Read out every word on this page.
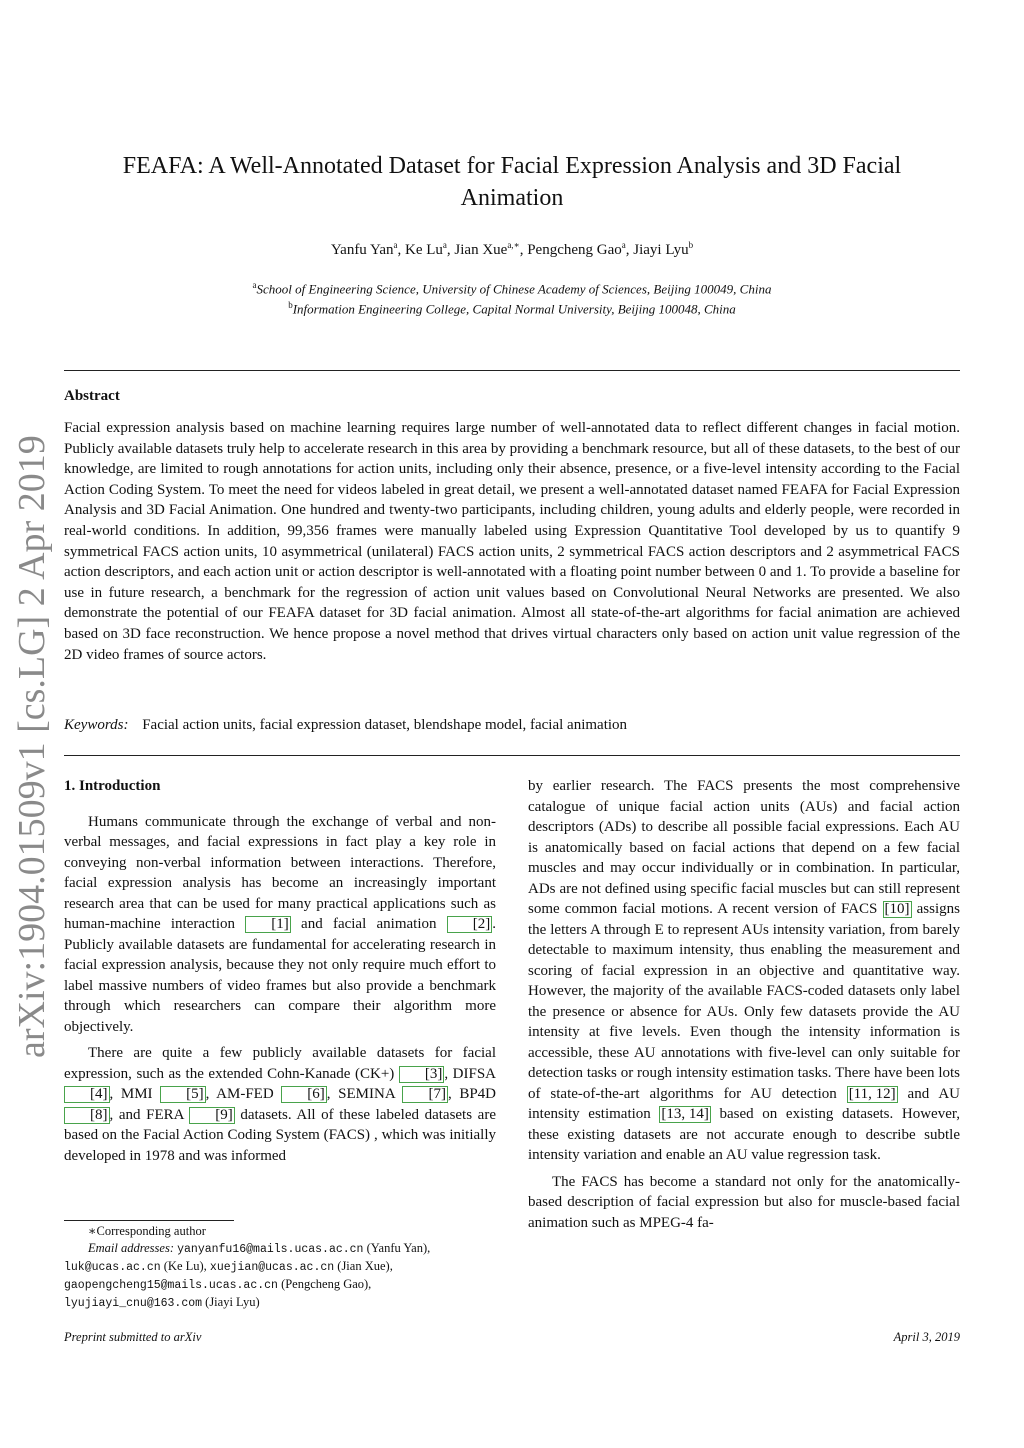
arXiv:1904.01509v1 [cs.LG] 2 Apr 2019
FEAFA: A Well-Annotated Dataset for Facial Expression Analysis and 3D Facial Animation
Yanfu Yan$^a$, Ke Lu$^a$, Jian Xue$^{a,∗}$, Pengcheng Gao$^a$, Jiayi Lyu$^b$
$^a$School of Engineering Science, University of Chinese Academy of Sciences, Beijing 100049, China
$^b$Information Engineering College, Capital Normal University, Beijing 100048, China
Abstract
Facial expression analysis based on machine learning requires large number of well-annotated data to reflect different changes in facial motion. Publicly available datasets truly help to accelerate research in this area by providing a benchmark resource, but all of these datasets, to the best of our knowledge, are limited to rough annotations for action units, including only their absence, presence, or a five-level intensity according to the Facial Action Coding System. To meet the need for videos labeled in great detail, we present a well-annotated dataset named FEAFA for Facial Expression Analysis and 3D Facial Animation. One hundred and twenty-two participants, including children, young adults and elderly people, were recorded in real-world conditions. In addition, 99,356 frames were manually labeled using Expression Quantitative Tool developed by us to quantify 9 symmetrical FACS action units, 10 asymmetrical (unilateral) FACS action units, 2 symmetrical FACS action descriptors and 2 asymmetrical FACS action descriptors, and each action unit or action descriptor is well-annotated with a floating point number between 0 and 1. To provide a baseline for use in future research, a benchmark for the regression of action unit values based on Convolutional Neural Networks are presented. We also demonstrate the potential of our FEAFA dataset for 3D facial animation. Almost all state-of-the-art algorithms for facial animation are achieved based on 3D face reconstruction. We hence propose a novel method that drives virtual characters only based on action unit value regression of the 2D video frames of source actors.
Keywords: Facial action units, facial expression dataset, blendshape model, facial animation
1. Introduction

Humans communicate through the exchange of verbal and non-verbal messages, and facial expressions in fact play a key role in conveying non-verbal information between interactions. Therefore, facial expression analysis has become an increasingly important research area that can be used for many practical applications such as human-machine interaction [1] and facial animation [2] . Publicly available datasets are fundamental for accelerating research in facial expression analysis, because they not only require much effort to label massive numbers of video frames but also provide a benchmark through which researchers can compare their algorithm more objectively.

There are quite a few publicly available datasets for facial expression, such as the extended Cohn-Kanade (CK+) [3] , DIFSA [4] , MMI [5] , AM-FED [6] , SEMINA [7] , BP4D [8] , and FERA [9] datasets. All of these labeled datasets are based on the Facial Action Coding System (FACS) , which was initially developed in 1978 and was informed

by earlier research. The FACS presents the most comprehensive catalogue of unique facial action units (AUs) and facial action descriptors (ADs) to describe all possible facial expressions. Each AU is anatomically based on facial actions that depend on a few facial muscles and may occur individually or in combination. In particular, ADs are not defined using specific facial muscles but can still represent some common facial motions. A recent version of FACS [10] assigns the letters A through E to represent AUs intensity variation, from barely detectable to maximum intensity, thus enabling the measurement and scoring of facial expression in an objective and quantitative way. However, the majority of the available FACS-coded datasets only label the presence or absence for AUs. Only few datasets provide the AU intensity at five levels. Even though the intensity information is accessible, these AU annotations with five-level can only suitable for detection tasks or rough intensity estimation tasks. There have been lots of state-of-the-art algorithms for AU detection [11, 12] and AU intensity estimation [13, 14] based on existing datasets. However, these existing datasets are not accurate enough to describe subtle intensity variation and enable an AU value regression task.

The FACS has become a standard not only for the anatomically-based description of facial expression but also for muscle-based facial animation such as MPEG-4 fa-

∗Corresponding author
Email addresses: yanyanfu16@mails.ucas.ac.cn (Yanfu Yan), luk@ucas.ac.cn (Ke Lu), xuejian@ucas.ac.cn (Jian Xue), gaopengcheng15@mails.ucas.ac.cn (Pengcheng Gao), lyujiayi_cnu@163.com (Jiayi Lyu)
Preprint submitted to arXiv	April 3, 2019
